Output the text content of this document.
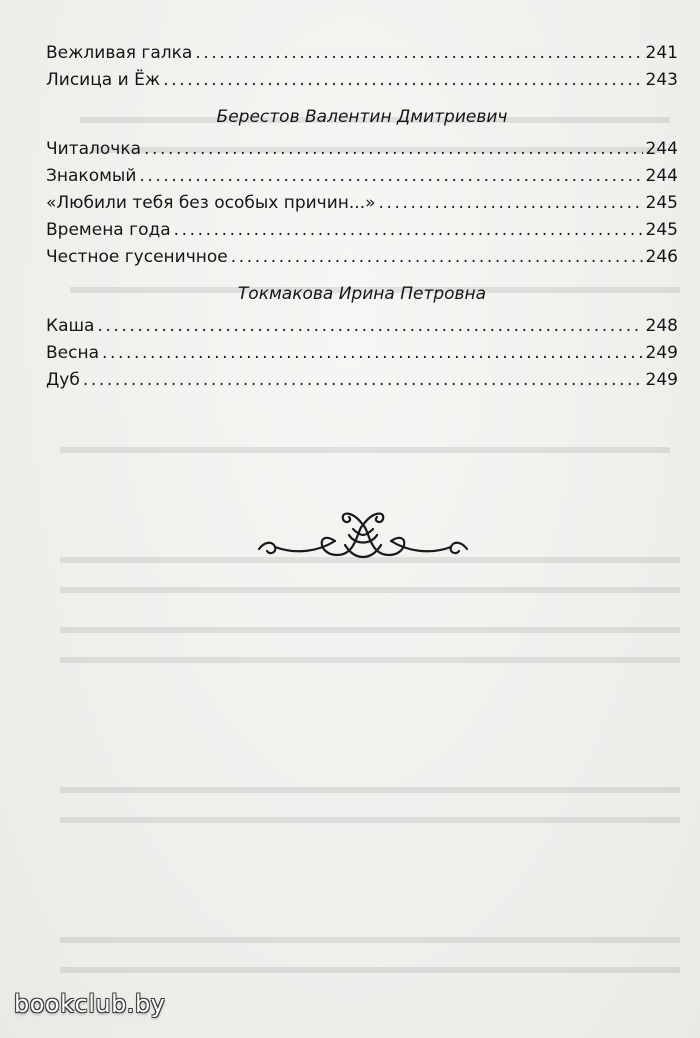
Вежливая галка .....	241
Лисица и Ёж .....	243
Берестов Валентин Дмитриевич
Читалочка .....	244
Знакомый .....	244
«Любили тебя без особых причин...» .....	245
Времена года .....	245
Честное гусеничное .....	246
Токмакова Ирина Петровна
Каша .....	248
Весна .....	249
Дуб .....	249
bookclub.by
